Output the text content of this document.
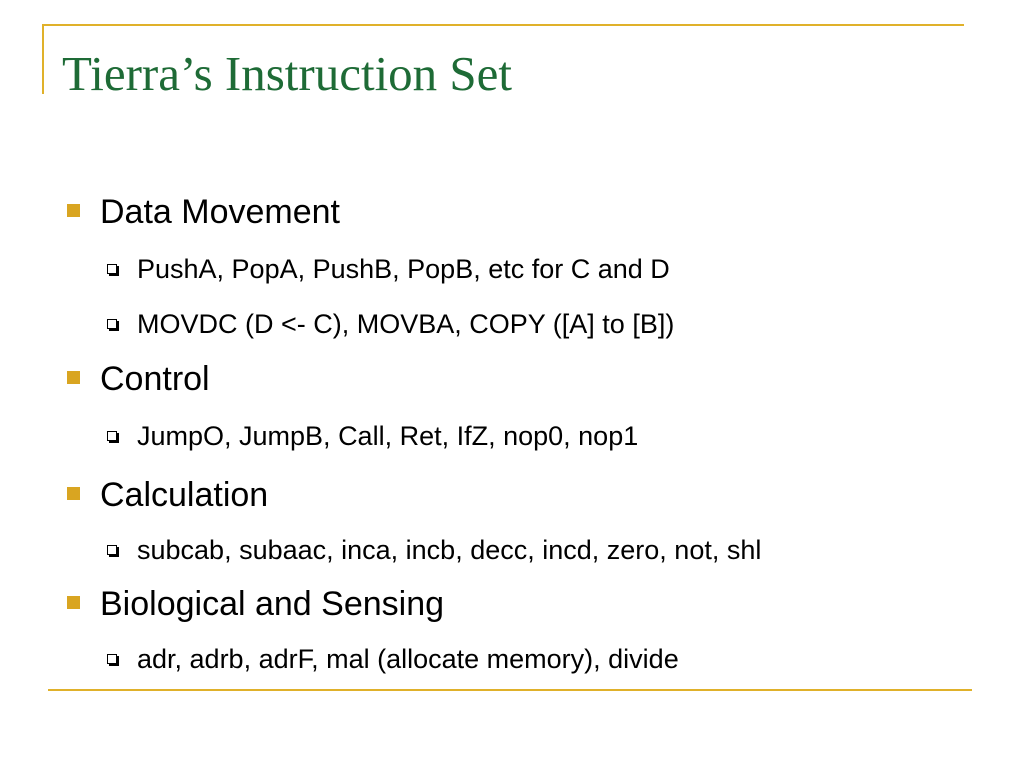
Tierra’s Instruction Set
Data Movement
PushA, PopA, PushB, PopB, etc for C and D
MOVDC (D <- C), MOVBA, COPY ([A] to [B])
Control
JumpO, JumpB, Call, Ret, IfZ, nop0, nop1
Calculation
subcab, subaac, inca, incb, decc, incd, zero, not, shl
Biological and Sensing
adr, adrb, adrF, mal (allocate memory), divide
